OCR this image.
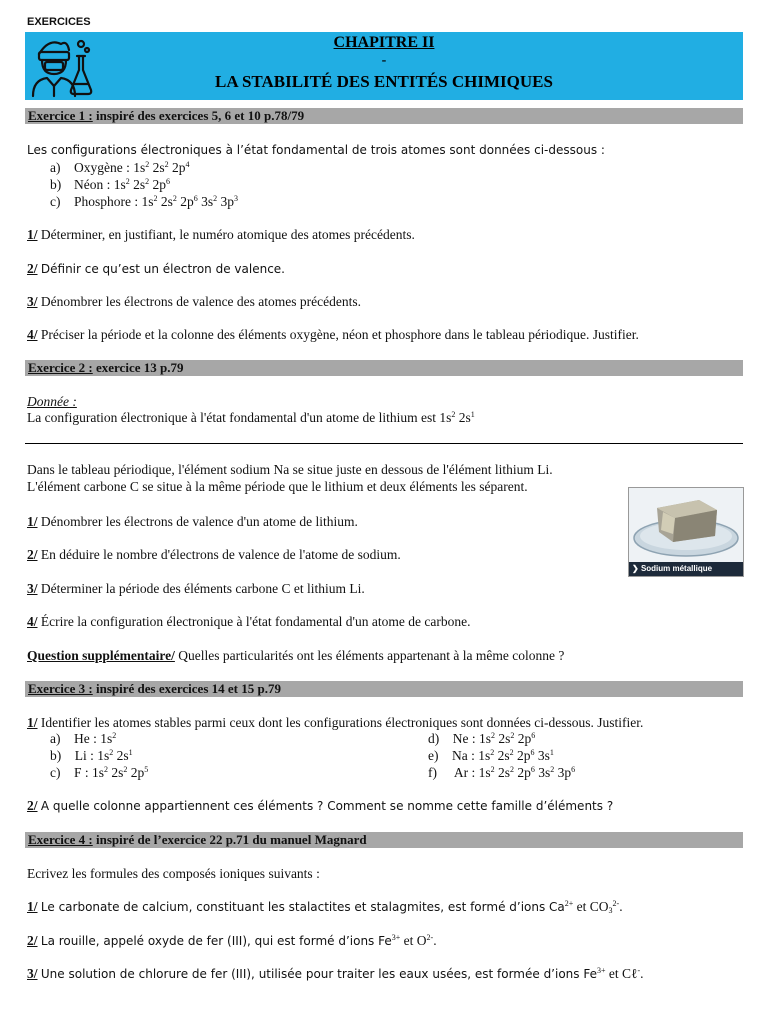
EXERCICES
CHAPITRE II
-
LA STABILITÉ DES ENTITÉS CHIMIQUES
Exercice 1 : inspiré des exercices 5, 6 et 10 p.78/79
Les configurations électroniques à l’état fondamental de trois atomes sont données ci-dessous :
a) Oxygène : $1s^2$ $2s^2$ $2p^4$
b) Néon : $1s^2$ $2s^2$ $2p^6$
c) Phosphore : $1s^2$ $2s^2$ $2p^6$ $3s^2$ $3p^3$
1/ Déterminer, en justifiant, le numéro atomique des atomes précédents.
2/ Définir ce qu’est un électron de valence.
3/ Dénombrer les électrons de valence des atomes précédents.
4/ Préciser la période et la colonne des éléments oxygène, néon et phosphore dans le tableau périodique. Justifier.
Exercice 2 : exercice 13 p.79
Donnée :
La configuration électronique à l'état fondamental d'un atome de lithium est $1s^2$ $2s^1$
Dans le tableau périodique, l'élément sodium Na se situe juste en dessous de l'élément lithium Li.
L'élément carbone C se situe à la même période que le lithium et deux éléments les séparent.
❯ Sodium métallique
1/ Dénombrer les électrons de valence d'un atome de lithium.
2/ En déduire le nombre d'électrons de valence de l'atome de sodium.
3/ Déterminer la période des éléments carbone C et lithium Li.
4/ Écrire la configuration électronique à l'état fondamental d'un atome de carbone.
Question supplémentaire/ Quelles particularités ont les éléments appartenant à la même colonne ?
Exercice 3 : inspiré des exercices 14 et 15 p.79
1/ Identifier les atomes stables parmi ceux dont les configurations électroniques sont données ci-dessous. Justifier.
a)    He : $1s^2$
b)    Li : $1s^2$ $2s^1$
c)    F : $1s^2$ $2s^2$ $2p^5$
d)    Ne : $1s^2$ $2s^2$ $2p^6$
e)    Na : $1s^2$ $2s^2$ $2p^6$ $3s^1$
f)     Ar : $1s^2$ $2s^2$ $2p^6$ $3s^2$ $3p^6$
2/ A quelle colonne appartiennent ces éléments ? Comment se nomme cette famille d’éléments ?
Exercice 4 : inspiré de l’exercice 22 p.71 du manuel Magnard
Ecrivez les formules des composés ioniques suivants :
1/ Le carbonate de calcium, constituant les stalactites et stalagmites, est formé d’ions $Ca^{2+}$ et $CO_3^{2-}$.
2/ La rouille, appelé oxyde de fer (III), qui est formé d’ions $Fe^{3+}$ et $O^{2-}$.
3/ Une solution de chlorure de fer (III), utilisée pour traiter les eaux usées, est formée d’ions $Fe^{3+}$ et Cℓ-.
